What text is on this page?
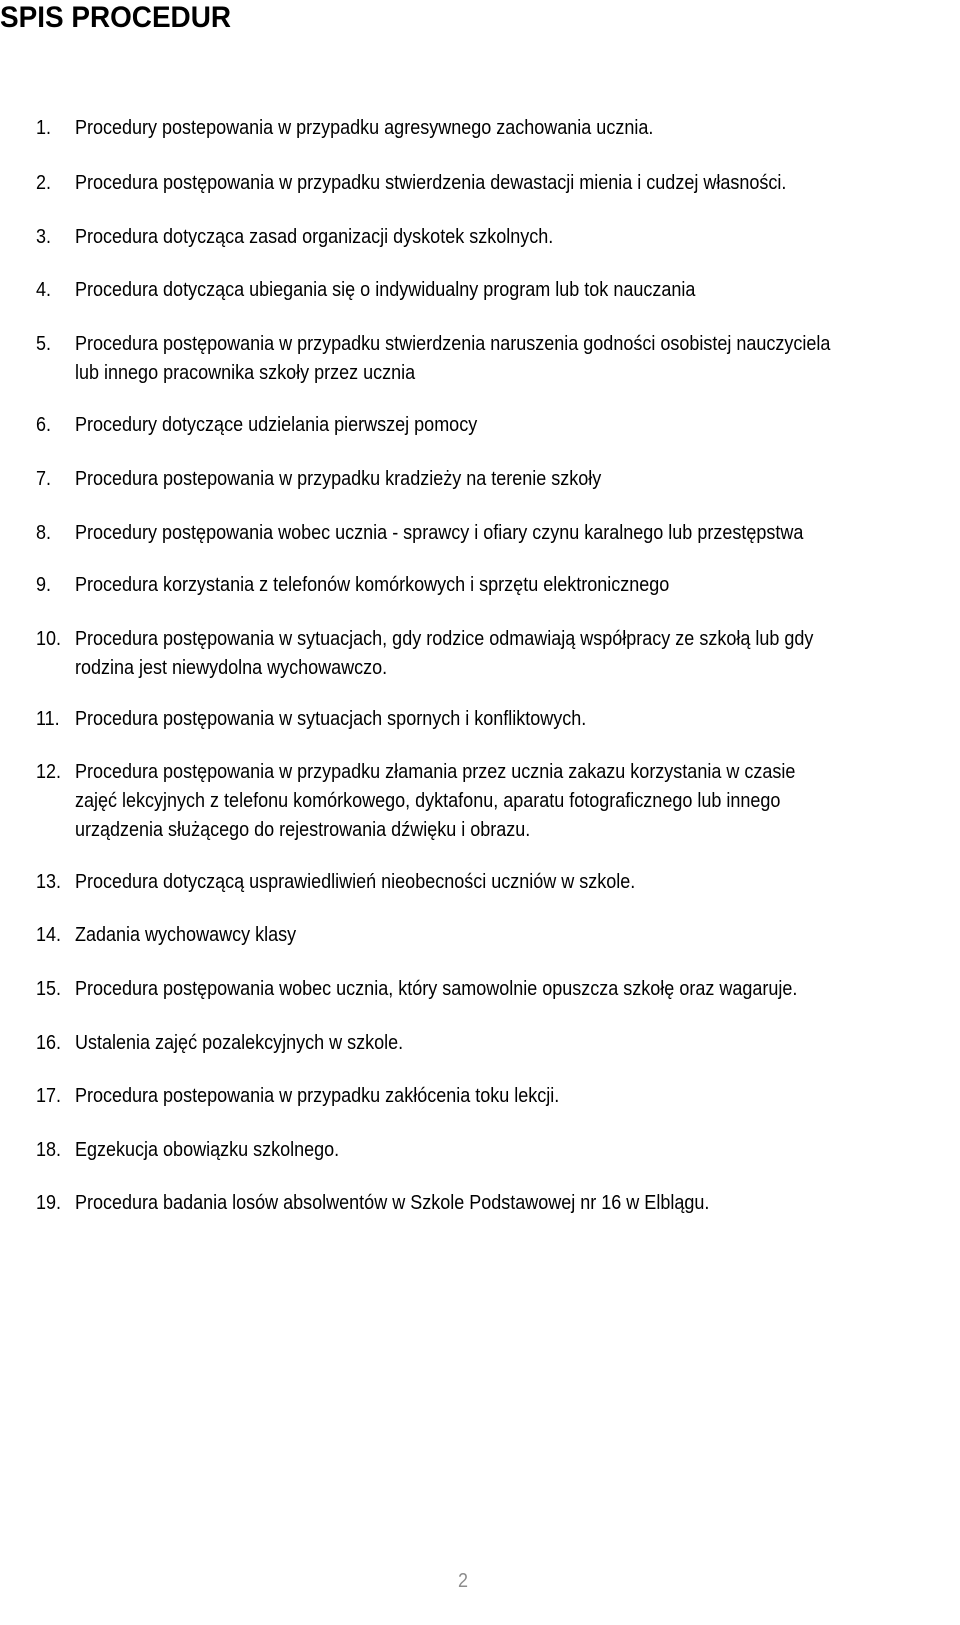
SPIS PROCEDUR
1. Procedury postepowania w przypadku agresywnego zachowania ucznia.
2. Procedura postępowania w przypadku stwierdzenia dewastacji mienia i cudzej własności.
3. Procedura dotycząca zasad organizacji dyskotek szkolnych.
4. Procedura dotycząca ubiegania się o indywidualny program lub tok nauczania
5. Procedura postępowania w przypadku stwierdzenia naruszenia godności osobistej nauczyciela
lub innego pracownika szkoły przez ucznia
6. Procedury dotyczące udzielania pierwszej pomocy
7. Procedura postepowania w przypadku kradzieży na terenie szkoły
8. Procedury postępowania wobec ucznia - sprawcy i ofiary czynu karalnego lub przestępstwa
9. Procedura korzystania z telefonów komórkowych i sprzętu elektronicznego
10. Procedura postępowania w sytuacjach, gdy rodzice odmawiają współpracy ze szkołą lub gdy
rodzina jest niewydolna wychowawczo.
11. Procedura postępowania w sytuacjach spornych i konfliktowych.
12. Procedura postępowania w przypadku złamania przez ucznia zakazu korzystania w czasie
zajęć lekcyjnych z telefonu komórkowego, dyktafonu, aparatu fotograficznego lub innego
urządzenia służącego do rejestrowania dźwięku i obrazu.
13. Procedura dotyczącą usprawiedliwień nieobecności uczniów w szkole.
14. Zadania wychowawcy klasy
15. Procedura postępowania wobec ucznia, który samowolnie opuszcza szkołę oraz wagaruje.
16. Ustalenia zajęć pozalekcyjnych w szkole.
17. Procedura postepowania w przypadku zakłócenia toku lekcji.
18. Egzekucja obowiązku szkolnego.
19. Procedura badania losów absolwentów w Szkole Podstawowej nr 16 w Elblągu.
2
